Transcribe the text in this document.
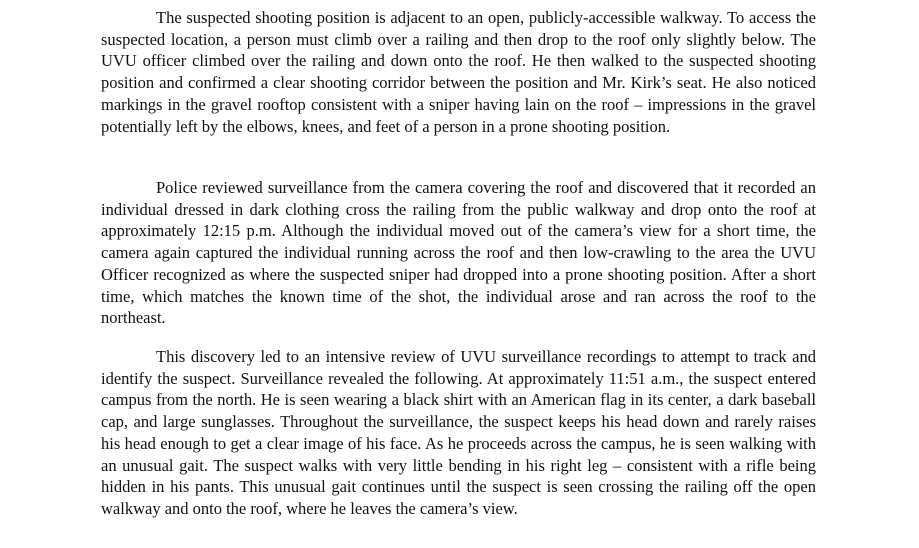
The suspected shooting position is adjacent to an open, publicly-accessible walkway. To access the suspected location, a person must climb over a railing and then drop to the roof only slightly below. The UVU officer climbed over the railing and down onto the roof. He then walked to the suspected shooting position and confirmed a clear shooting corridor between the position and Mr. Kirk’s seat. He also noticed markings in the gravel rooftop consistent with a sniper having lain on the roof – impressions in the gravel potentially left by the elbows, knees, and feet of a person in a prone shooting position.

Police reviewed surveillance from the camera covering the roof and discovered that it recorded an individual dressed in dark clothing cross the railing from the public walkway and drop onto the roof at approximately 12:15 p.m. Although the individual moved out of the camera’s view for a short time, the camera again captured the individual running across the roof and then low-crawling to the area the UVU Officer recognized as where the suspected sniper had dropped into a prone shooting position. After a short time, which matches the known time of the shot, the individual arose and ran across the roof to the northeast.

This discovery led to an intensive review of UVU surveillance recordings to attempt to track and identify the suspect. Surveillance revealed the following. At approximately 11:51 a.m., the suspect entered campus from the north. He is seen wearing a black shirt with an American flag in its center, a dark baseball cap, and large sunglasses. Throughout the surveillance, the suspect keeps his head down and rarely raises his head enough to get a clear image of his face. As he proceeds across the campus, he is seen walking with an unusual gait. The suspect walks with very little bending in his right leg – consistent with a rifle being hidden in his pants. This unusual gait continues until the suspect is seen crossing the railing off the open walkway and onto the roof, where he leaves the camera’s view.
